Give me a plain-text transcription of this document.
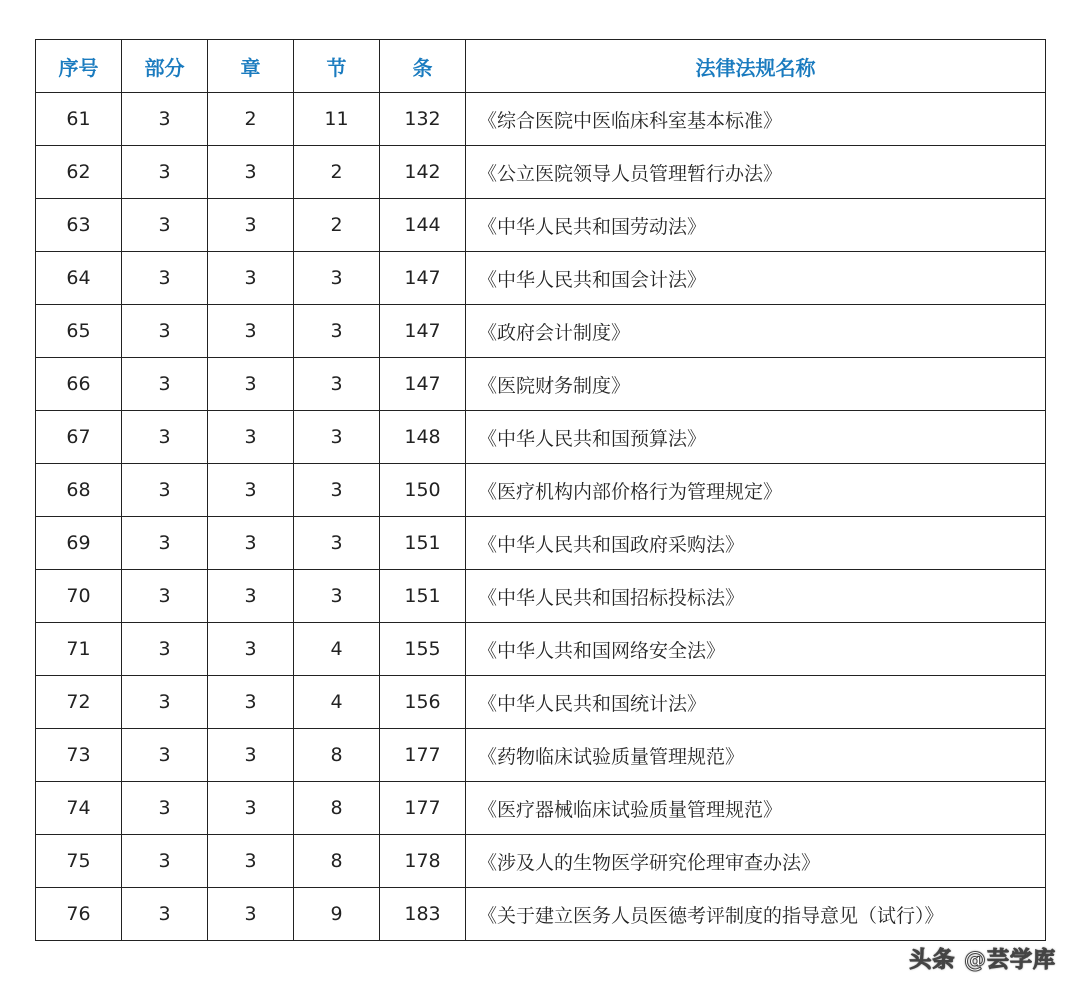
序号	部分	章	节	条	法律法规名称
61	3	2	11	132	《综合医院中医临床科室基本标准》
62	3	3	2	142	《公立医院领导人员管理暂行办法》
63	3	3	2	144	《中华人民共和国劳动法》
64	3	3	3	147	《中华人民共和国会计法》
65	3	3	3	147	《政府会计制度》
66	3	3	3	147	《医院财务制度》
67	3	3	3	148	《中华人民共和国预算法》
68	3	3	3	150	《医疗机构内部价格行为管理规定》
69	3	3	3	151	《中华人民共和国政府采购法》
70	3	3	3	151	《中华人民共和国招标投标法》
71	3	3	4	155	《中华人共和国网络安全法》
72	3	3	4	156	《中华人民共和国统计法》
73	3	3	8	177	《药物临床试验质量管理规范》
74	3	3	8	177	《医疗器械临床试验质量管理规范》
75	3	3	8	178	《涉及人的生物医学研究伦理审查办法》
76	3	3	9	183	《关于建立医务人员医德考评制度的指导意见（试行）》
头条 @芸学库
